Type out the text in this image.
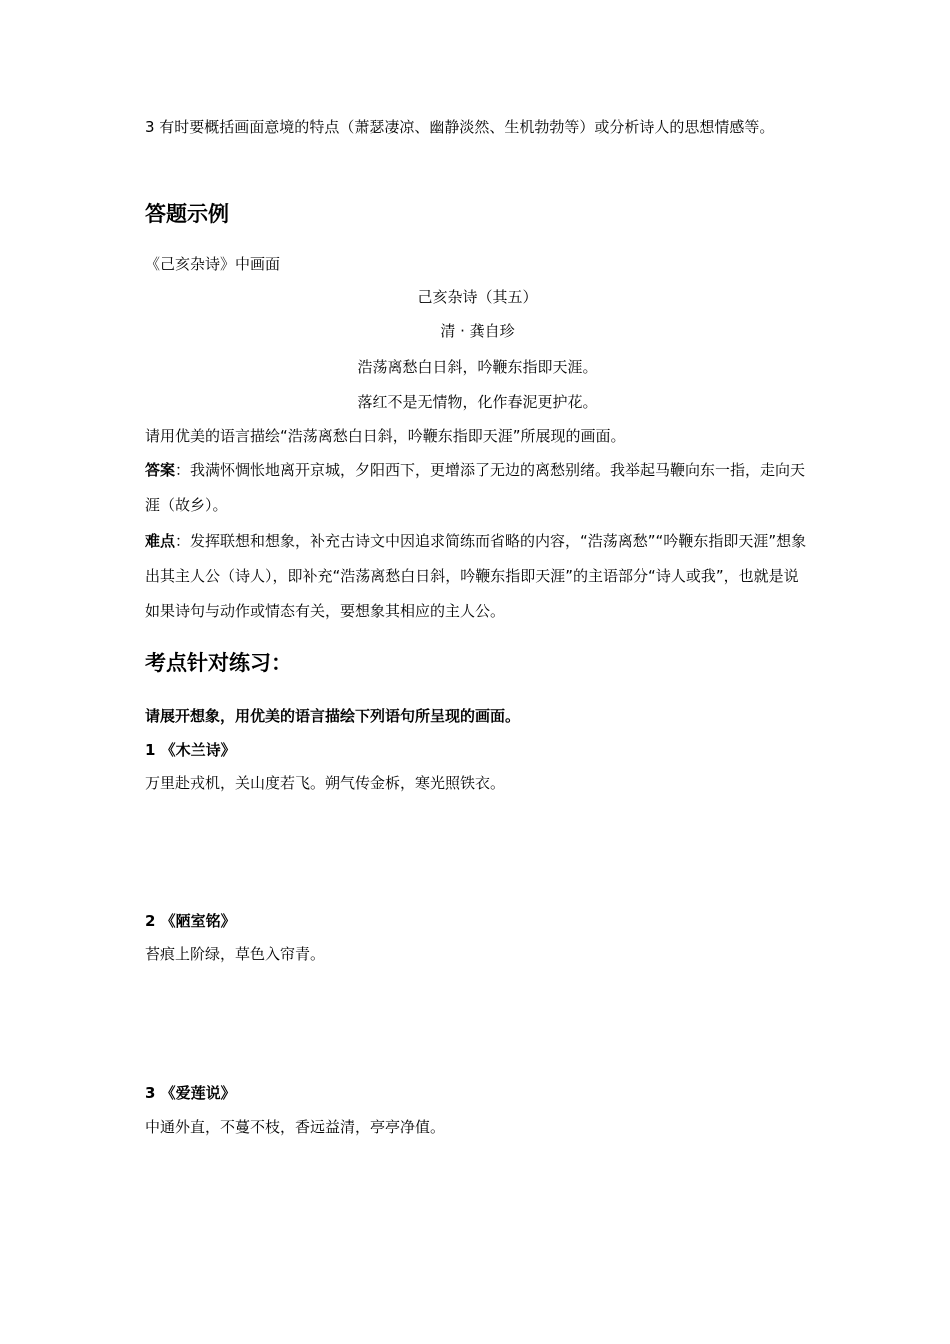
3 有时要概括画面意境的特点（萧瑟凄凉、幽静淡然、生机勃勃等）或分析诗人的思想情感等。

答题示例

《己亥杂诗》中画面

己亥杂诗（其五）

清 · 龚自珍

浩荡离愁白日斜，吟鞭东指即天涯。

落红不是无情物，化作春泥更护花。

请用优美的语言描绘“浩荡离愁白日斜，吟鞭东指即天涯”所展现的画面。

答案：我满怀惆怅地离开京城，夕阳西下，更增添了无边的离愁别绪。我举起马鞭向东一指，走向天涯（故乡）。

难点：发挥联想和想象，补充古诗文中因追求简练而省略的内容，“浩荡离愁”“吟鞭东指即天涯”想象出其主人公（诗人），即补充“浩荡离愁白日斜，吟鞭东指即天涯”的主语部分“诗人或我”，也就是说如果诗句与动作或情态有关，要想象其相应的主人公。

考点针对练习：

请展开想象，用优美的语言描绘下列语句所呈现的画面。

1 《木兰诗》

万里赴戎机，关山度若飞。朔气传金柝，寒光照铁衣。

2 《陋室铭》

苔痕上阶绿，草色入帘青。

3 《爱莲说》

中通外直，不蔓不枝，香远益清，亭亭净值。
